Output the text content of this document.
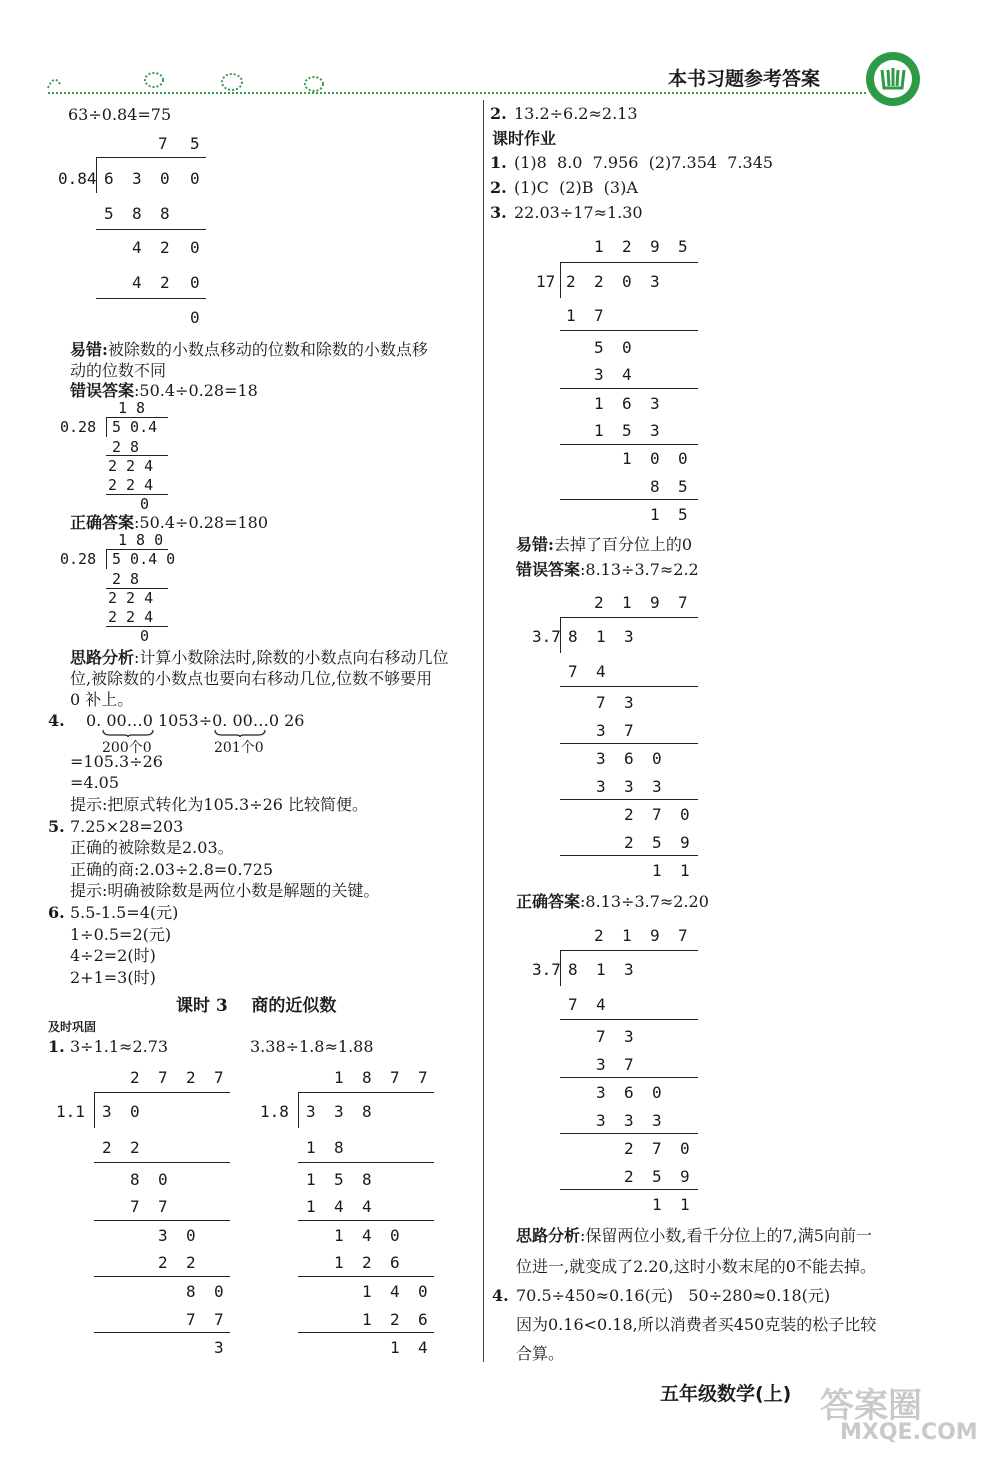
本书习题参考答案
63÷0.84=75
7 5
0.84 6 3 0 0
5 8 8
4 2 0
4 2 0
0
易错:被除数的小数点移动的位数和除数的小数点移
动的位数不同
错误答案:50.4÷0.28=18
1 8
0.28 5 0.4
2 8
2 2 4
2 2 4
0
正确答案:50.4÷0.28=180
1 8 0
0.28 5 0.4 0
2 8
2 2 4
2 2 4
0
思路分析:计算小数除法时,除数的小数点向右移动几位
位,被除数的小数点也要向右移动几位,位数不够要用
0 补上。
4. 0. 00…0 1053÷0. 00…0 26
200个0	201个0
=105.3÷26
=4.05
提示:把原式转化为105.3÷26 比较简便。
5. 7.25×28=203
正确的被除数是2.03。
正确的商:2.03÷2.8=0.725
提示:明确被除数是两位小数是解题的关键。
6. 5.5-1.5=4(元)
1÷0.5=2(元)
4÷2=2(时)
2+1=3(时)
课时 3    商的近似数
及时巩固
1. 3÷1.1≈2.73	3.38÷1.8≈1.88
2 7 2 7
1.1 3 0
2 2
8 0
7 7
3 0
2 2
8 0
7 7
3
1 8 7 7
1.8 3 3 8
1 8
1 5 8
1 4 4
1 4 0
1 2 6
1 4 0
1 2 6
1 4
2. 13.2÷6.2≈2.13
课时作业
1. (1)8  8.0  7.956  (2)7.354  7.345
2. (1)C  (2)B  (3)A
3. 22.03÷17≈1.30
1 2 9 5
17 2 2 0 3
1 7
5 0
3 4
1 6 3
1 5 3
1 0 0
8 5
1 5
易错:去掉了百分位上的0
错误答案:8.13÷3.7≈2.2
2 1 9 7
3.7 8 1 3
7 4
7 3
3 7
3 6 0
3 3 3
2 7 0
2 5 9
1 1
正确答案:8.13÷3.7≈2.20
2 1 9 7
3.7 8 1 3
7 4
7 3
3 7
3 6 0
3 3 3
2 7 0
2 5 9
1 1
思路分析:保留两位小数,看千分位上的7,满5向前一
位进一,就变成了2.20,这时小数末尾的0不能去掉。
4. 70.5÷450≈0.16(元)   50÷280≈0.18(元)
因为0.16<0.18,所以消费者买450克装的松子比较
合算。
五年级数学(上) 答案圈
MXQE.COM
